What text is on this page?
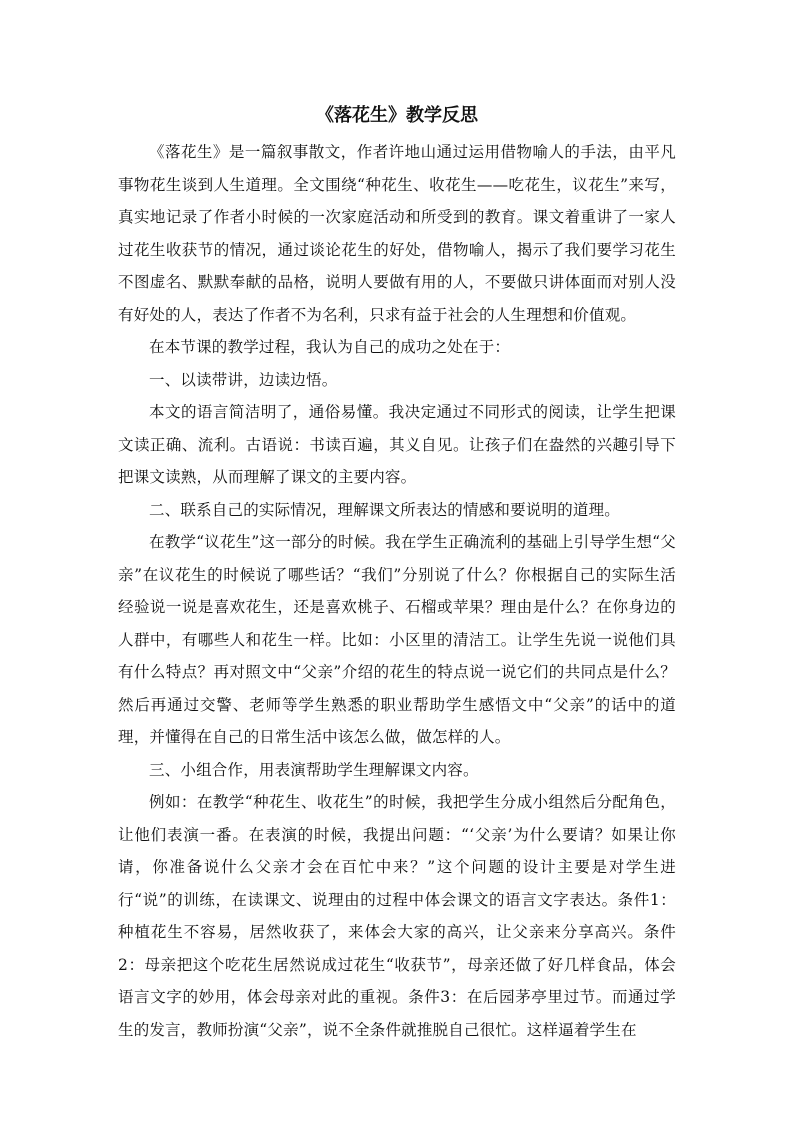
《落花生》教学反思

《落花生》是一篇叙事散文，作者许地山通过运用借物喻人的手法，由平凡事物花生谈到人生道理。全文围绕“种花生、收花生——吃花生，议花生”来写，真实地记录了作者小时候的一次家庭活动和所受到的教育。课文着重讲了一家人过花生收获节的情况，通过谈论花生的好处，借物喻人，揭示了我们要学习花生不图虚名、默默奉献的品格，说明人要做有用的人，不要做只讲体面而对别人没有好处的人，表达了作者不为名利，只求有益于社会的人生理想和价值观。

在本节课的教学过程，我认为自己的成功之处在于：

一、以读带讲，边读边悟。

本文的语言简洁明了，通俗易懂。我决定通过不同形式的阅读，让学生把课文读正确、流利。古语说：书读百遍，其义自见。让孩子们在盎然的兴趣引导下把课文读熟，从而理解了课文的主要内容。

二、联系自己的实际情况，理解课文所表达的情感和要说明的道理。

在教学“议花生”这一部分的时候。我在学生正确流利的基础上引导学生想“父亲”在议花生的时候说了哪些话？“我们”分别说了什么？你根据自己的实际生活经验说一说是喜欢花生，还是喜欢桃子、石榴或苹果？理由是什么？在你身边的人群中，有哪些人和花生一样。比如：小区里的清洁工。让学生先说一说他们具有什么特点？再对照文中“父亲”介绍的花生的特点说一说它们的共同点是什么？然后再通过交警、老师等学生熟悉的职业帮助学生感悟文中“父亲”的话中的道理，并懂得在自己的日常生活中该怎么做，做怎样的人。

三、小组合作，用表演帮助学生理解课文内容。

例如：在教学“种花生、收花生”的时候，我把学生分成小组然后分配角色，让他们表演一番。在表演的时候，我提出问题：“‘父亲’为什么要请？如果让你请，你准备说什么父亲才会在百忙中来？”这个问题的设计主要是对学生进行“说”的训练，在读课文、说理由的过程中体会课文的语言文字表达。条件1：种植花生不容易，居然收获了，来体会大家的高兴，让父亲来分享高兴。条件2：母亲把这个吃花生居然说成过花生“收获节”，母亲还做了好几样食品，体会语言文字的妙用，体会母亲对此的重视。条件3：在后园茅亭里过节。而通过学生的发言，教师扮演“父亲”，说不全条件就推脱自己很忙。这样逼着学生在
